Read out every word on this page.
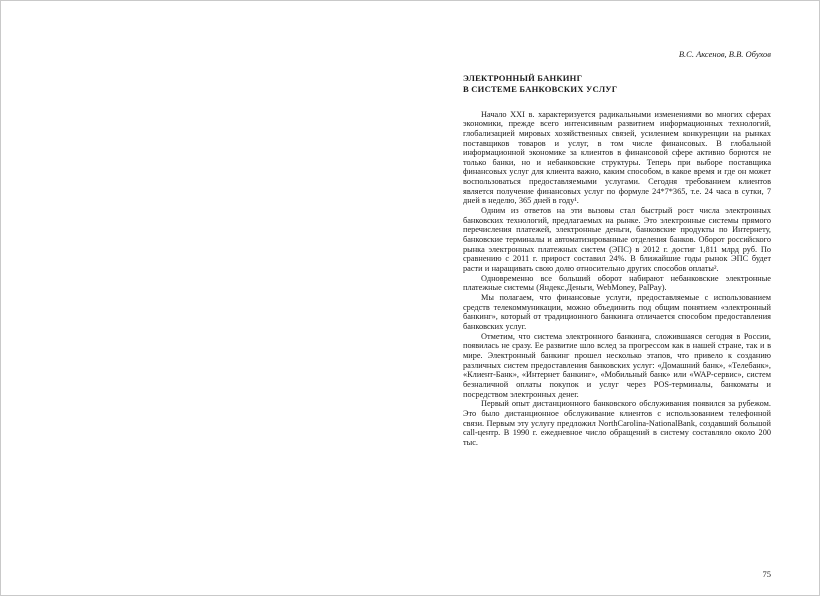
В.С. Аксенов, В.В. Обухов
ЭЛЕКТРОННЫЙ БАНКИНГ
В СИСТЕМЕ БАНКОВСКИХ УСЛУГ

Начало XXI в. характеризуется радикальными изменениями во многих сферах экономики, прежде всего интенсивным развитием информационных технологий, глобализацией мировых хозяйственных связей, усилением конкуренции на рынках поставщиков товаров и услуг, в том числе финансовых. В глобальной информационной экономике за клиентов в финансовой сфере активно борются не только банки, но и небанковские структуры. Теперь при выборе поставщика финансовых услуг для клиента важно, каким способом, в какое время и где он может воспользоваться предоставляемыми услугами. Сегодня требованием клиентов является получение финансовых услуг по формуле 24*7*365, т.е. 24 часа в сутки, 7 дней в неделю, 365 дней в году¹.

Одним из ответов на эти вызовы стал быстрый рост числа электронных банковских технологий, предлагаемых на рынке. Это электронные системы прямого перечисления платежей, электронные деньги, банковские продукты по Интернету, банковские терминалы и автоматизированные отделения банков. Оборот российского рынка электронных платежных систем (ЭПС) в 2012 г. достиг 1,811 млрд руб. По сравнению с 2011 г. прирост составил 24%. В ближайшие годы рынок ЭПС будет расти и наращивать свою долю относительно других способов оплаты².

Одновременно все больший оборот набирают небанковские электронные платежные системы (Яндекс.Деньги, WebMoney, PalPay).

Мы полагаем, что финансовые услуги, предоставляемые с использованием средств телекоммуникации, можно объединить под общим понятием «электронный банкинг», который от традиционного банкинга отличается способом предоставления банковских услуг.

Отметим, что система электронного банкинга, сложившаяся сегодня в России, появилась не сразу. Ее развитие шло вслед за прогрессом как в нашей стране, так и в мире. Электронный банкинг прошел несколько этапов, что привело к созданию различных систем предоставления банковских услуг: «Домашний банк», «Телебанк», «Клиент-Банк», «Интернет банкинг», «Мобильный банк» или «WAP-сервис», систем безналичной оплаты покупок и услуг через POS-терминалы, банкоматы и посредством электронных денег.

Первый опыт дистанционного банковского обслуживания появился за рубежом. Это было дистанционное обслуживание клиентов с использованием телефонной связи. Первым эту услугу предложил NorthCarolina-NationalBank, создавший большой call-центр. В 1990 г. ежедневное число обращений в систему составляло около 200 тыс.

75
